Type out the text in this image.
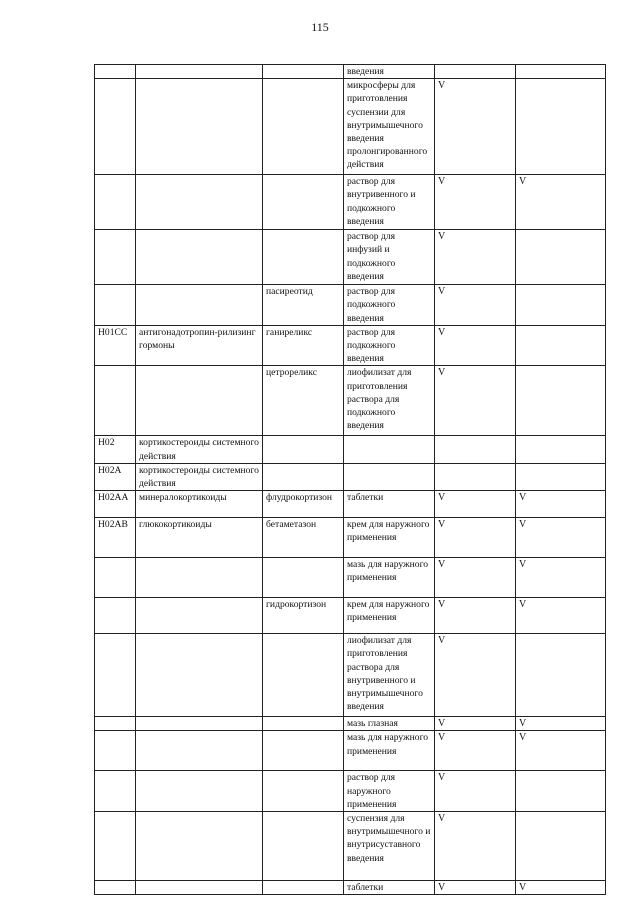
115
			введения		
			микросферы для приготовления суспензии для внутримышечного введения пролонгированного действия	V	
			раствор для внутривенного и подкожного введения	V	V
			раствор для инфузий и подкожного введения	V	
		пасиреотид	раствор для подкожного введения	V	
H01CC	антигонадотропин-рилизинг гормоны	ганиреликс	раствор для подкожного введения	V	
		цетрореликс	лиофилизат для приготовления раствора для подкожного введения	V	
H02	кортикостероиды системного действия				
H02A	кортикостероиды системного действия				
H02AA	минералокортикоиды	флудрокортизон	таблетки	V	V
H02AB	глюкокортикоиды	бетаметазон	крем для наружного применения	V	V
			мазь для наружного применения	V	V
		гидрокортизон	крем для наружного применения	V	V
			лиофилизат для приготовления раствора для внутривенного и внутримышечного введения	V	
			мазь глазная	V	V
			мазь для наружного применения	V	V
			раствор для наружного применения	V	
			суспензия для внутримышечного и внутрисуставного введения	V	
			таблетки	V	V
